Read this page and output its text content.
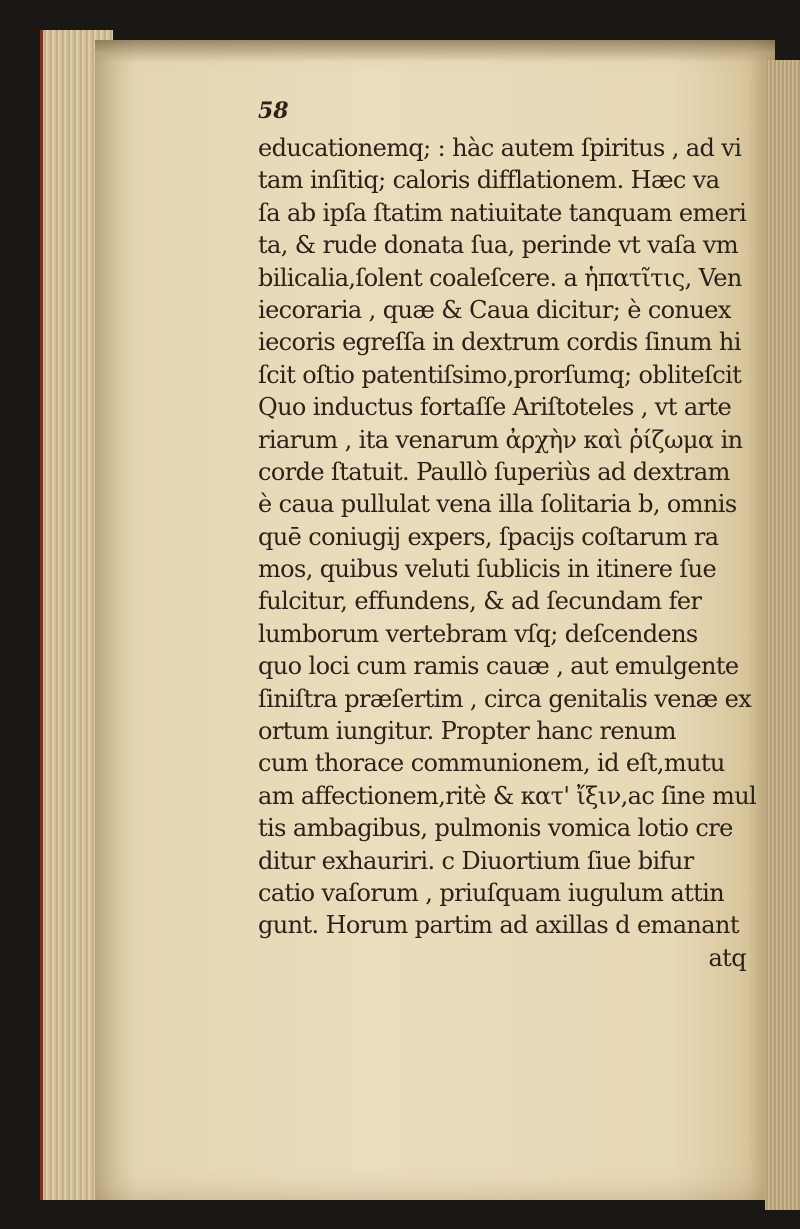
58

educationemq; : hàc autem ſpiritus , ad vi
tam inſitiq; caloris difflationem. Hæc va
ſa ab ipſa ſtatim natiuitate tanquam emeri
ta, & rude donata ſua, perinde vt vaſa vm
bilicalia,ſolent coaleſcere. a ἡπατῖτις, Ven
iecoraria , quæ & Caua dicitur; è conuex
iecoris egreſſa in dextrum cordis ſinum hi
ſcit oſtio patentiſsimo,prorſumq; obliteſcit
Quo inductus fortaſſe Ariſtoteles , vt arte
riarum , ita venarum ἀρχὴν καὶ ῥίζωμα in
corde ſtatuit. Paullò ſuperiùs ad dextram
è caua pullulat vena illa ſolitaria b, omnis
quē coniugij expers, ſpacijs coſtarum ra
mos, quibus veluti ſublicis in itinere ſue
fulcitur, effundens, & ad ſecundam fer
lumborum vertebram vſq; deſcendens
quo loci cum ramis cauæ , aut emulgente
ſiniſtra præſertim , circa genitalis venæ ex
ortum iungitur. Propter hanc renum
cum thorace communionem, id eſt,mutu
am affectionem,ritè & κατ' ἴξιν,ac ſine mul
tis ambagibus, pulmonis vomica lotio cre
ditur exhauriri. c Diuortium ſiue bifur
catio vaſorum , priuſquam iugulum attin
gunt. Horum partim ad axillas d emanant
atq
